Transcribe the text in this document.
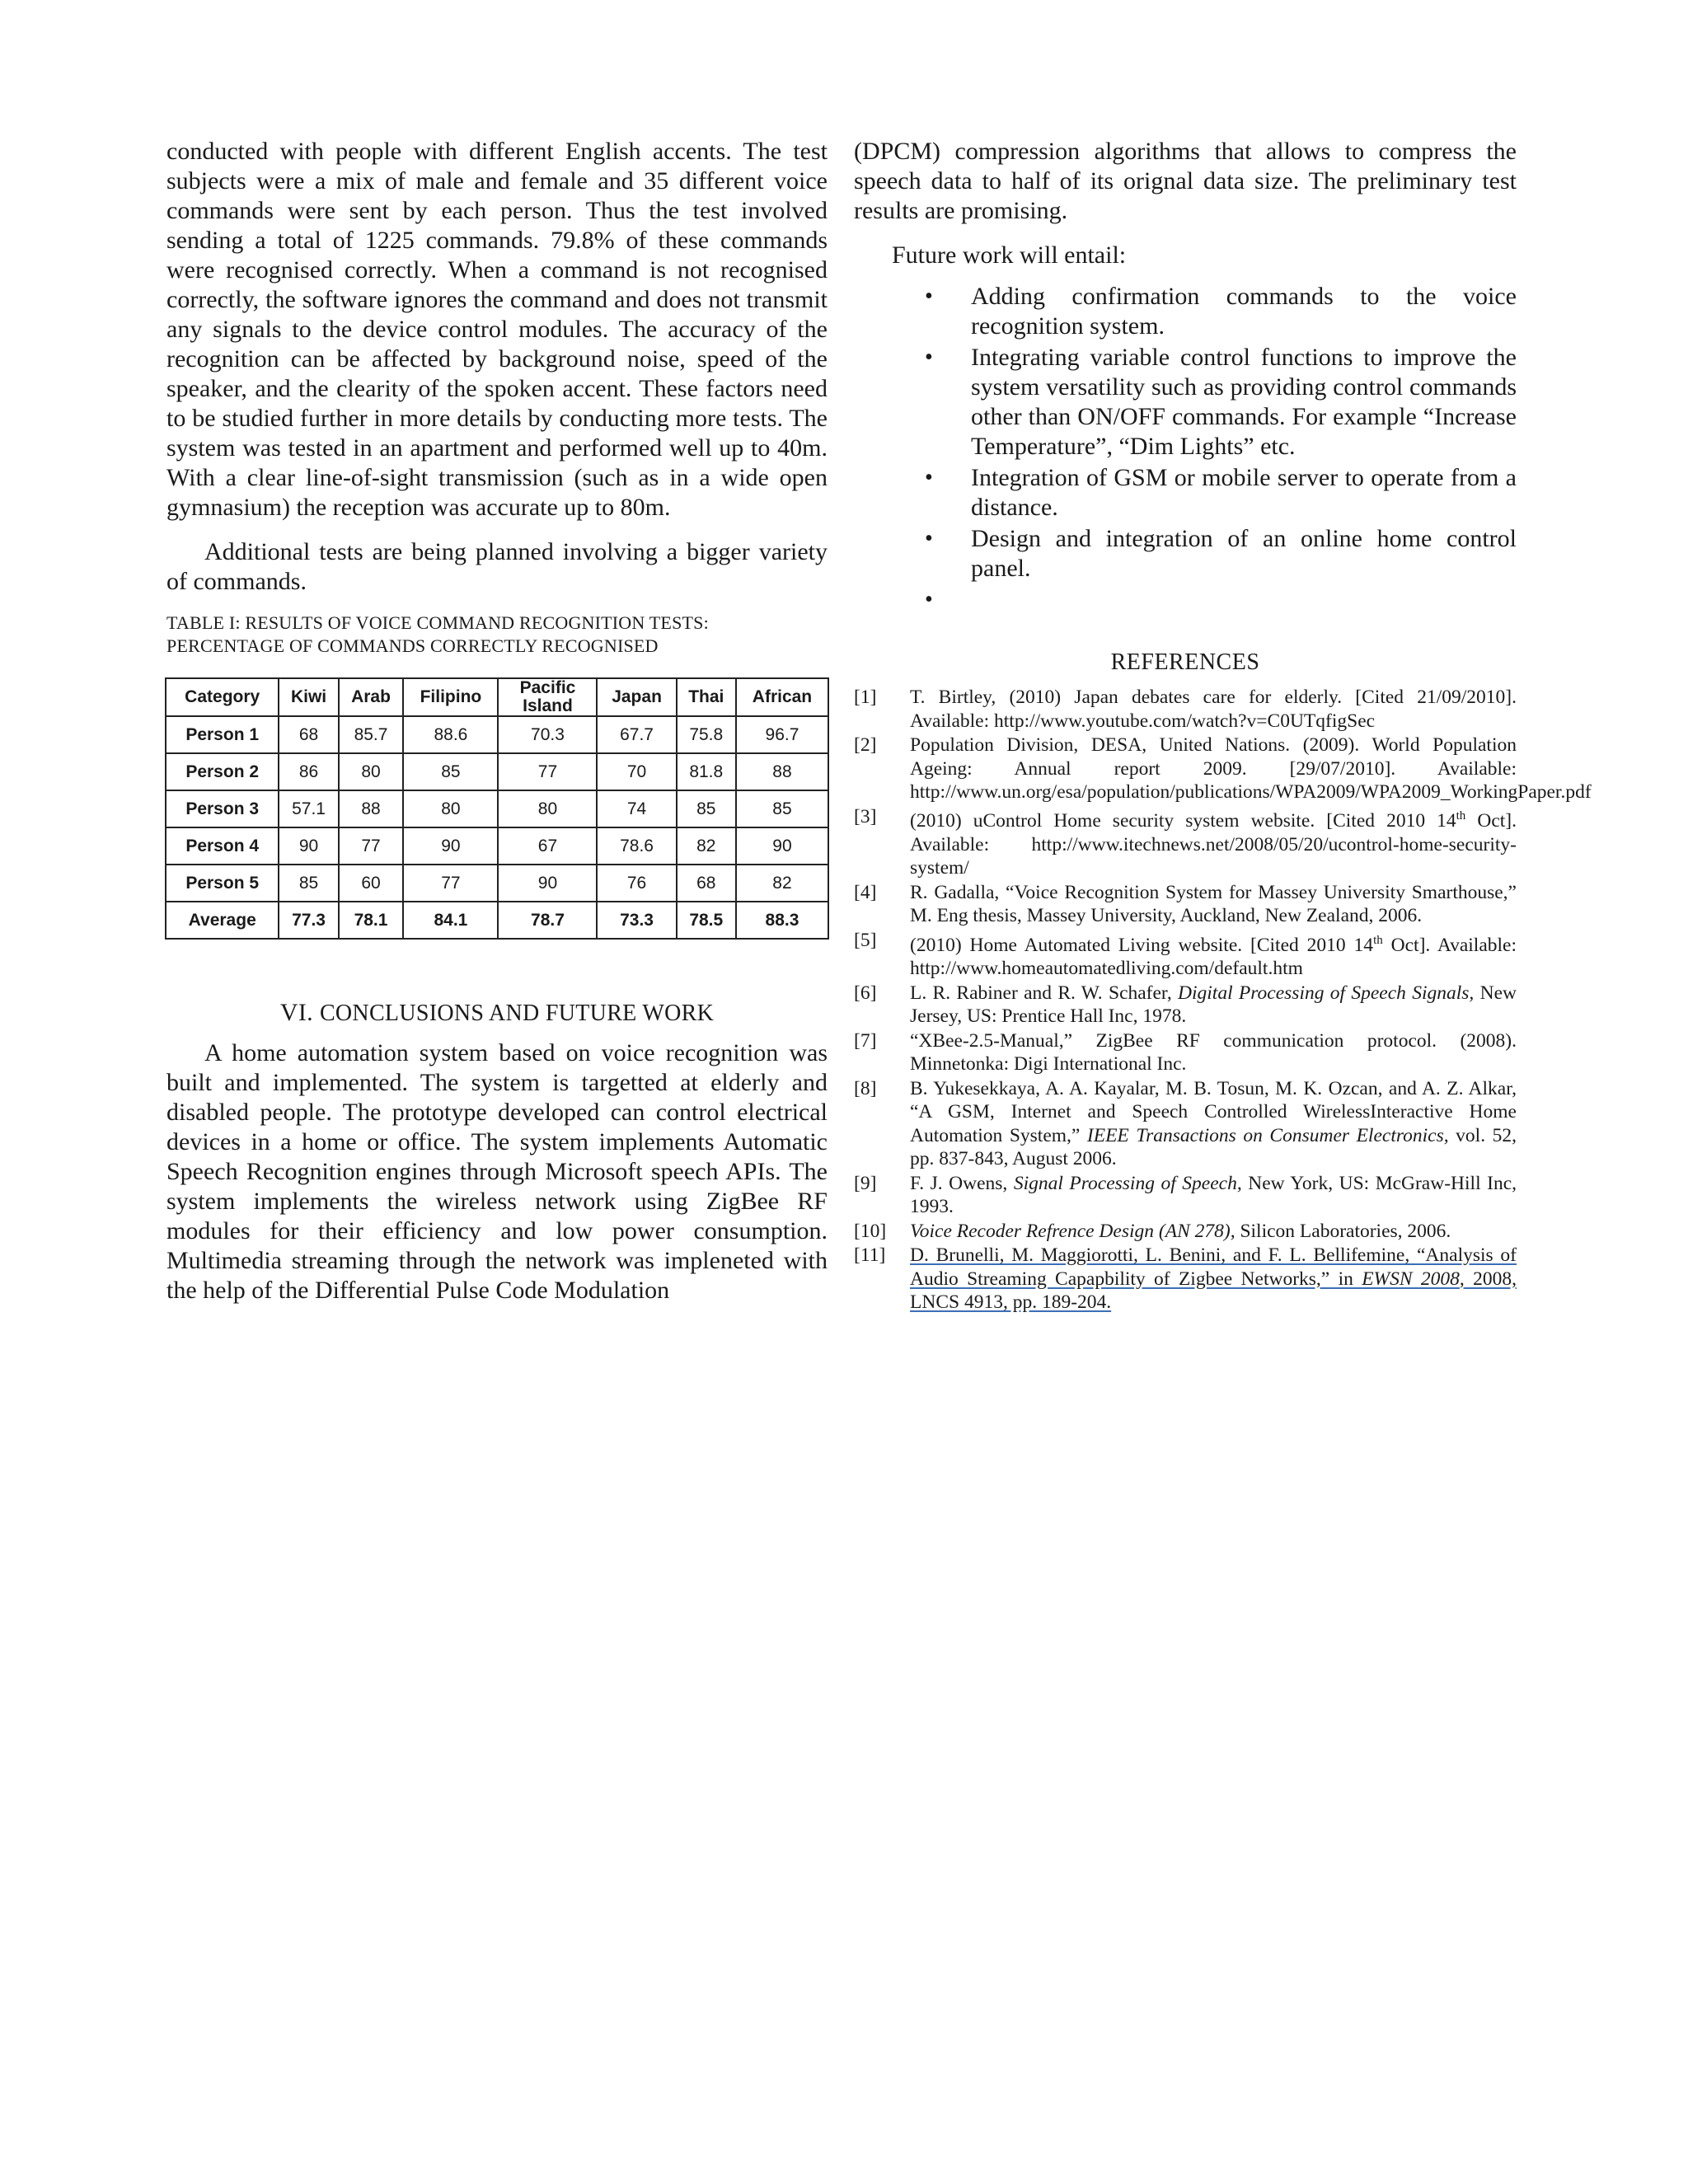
conducted with people with different English accents. The test subjects were a mix of male and female and 35 different voice commands were sent by each person. Thus the test involved sending a total of 1225 commands. 79.8% of these commands were recognised correctly. When a command is not recognised correctly, the software ignores the command and does not transmit any signals to the device control modules. The accuracy of the recognition can be affected by background noise, speed of the speaker, and the clearity of the spoken accent. These factors need to be studied further in more details by conducting more tests. The system was tested in an apartment and performed well up to 40m. With a clear line-of-sight transmission (such as in a wide open gymnasium) the reception was accurate up to 80m.

Additional tests are being planned involving a bigger variety of commands.

TABLE I: RESULTS OF VOICE COMMAND RECOGNITION TESTS: PERCENTAGE OF COMMANDS CORRECTLY RECOGNISED

Category	Kiwi	Arab	Filipino	Pacific Island	Japan	Thai	African
Person 1	68	85.7	88.6	70.3	67.7	75.8	96.7
Person 2	86	80	85	77	70	81.8	88
Person 3	57.1	88	80	80	74	85	85
Person 4	90	77	90	67	78.6	82	90
Person 5	85	60	77	90	76	68	82
Average	77.3	78.1	84.1	78.7	73.3	78.5	88.3
VI. CONCLUSIONS AND FUTURE WORK

A home automation system based on voice recognition was built and implemented. The system is targetted at elderly and disabled people. The prototype developed can control electrical devices in a home or office. The system implements Automatic Speech Recognition engines through Microsoft speech APIs. The system implements the wireless network using ZigBee RF modules for their efficiency and low power consumption. Multimedia streaming through the network was impleneted with the help of the Differential Pulse Code Modulation

(DPCM) compression algorithms that allows to compress the speech data to half of its orignal data size. The preliminary test results are promising.

Future work will entail:

• Adding confirmation commands to the voice recognition system.
• Integrating variable control functions to improve the system versatility such as providing control commands other than ON/OFF commands. For example “Increase Temperature”, “Dim Lights” etc.
• Integration of GSM or mobile server to operate from a distance.
• Design and integration of an online home control panel.
•
REFERENCES
[1] T. Birtley, (2010) Japan debates care for elderly. [Cited 21/09/2010]. Available: http://www.youtube.com/watch?v=C0UTqfigSec
[2] Population Division, DESA, United Nations. (2009). World Population Ageing: Annual report 2009. [29/07/2010]. Available: http://www.un.org/esa/population/publications/WPA2009/WPA2009_WorkingPaper.pdf
[3] (2010) uControl Home security system website. [Cited 2010 14th Oct]. Available: http://www.itechnews.net/2008/05/20/ucontrol-home-security-system/
[4] R. Gadalla, “Voice Recognition System for Massey University Smarthouse,” M. Eng thesis, Massey University, Auckland, New Zealand, 2006.
[5] (2010) Home Automated Living website. [Cited 2010 14th Oct]. Available: http://www.homeautomatedliving.com/default.htm
[6] L. R. Rabiner and R. W. Schafer, Digital Processing of Speech Signals, New Jersey, US: Prentice Hall Inc, 1978.
[7] “XBee-2.5-Manual,” ZigBee RF communication protocol. (2008). Minnetonka: Digi International Inc.
[8] B. Yukesekkaya, A. A. Kayalar, M. B. Tosun, M. K. Ozcan, and A. Z. Alkar, “A GSM, Internet and Speech Controlled WirelessInteractive Home Automation System,” IEEE Transactions on Consumer Electronics, vol. 52, pp. 837-843, August 2006.
[9] F. J. Owens, Signal Processing of Speech, New York, US: McGraw-Hill Inc, 1993.
[10] Voice Recoder Refrence Design (AN 278), Silicon Laboratories, 2006.
[11] D. Brunelli, M. Maggiorotti, L. Benini, and F. L. Bellifemine, “Analysis of Audio Streaming Capapbility of Zigbee Networks,” in EWSN 2008, 2008, LNCS 4913, pp. 189-204.
